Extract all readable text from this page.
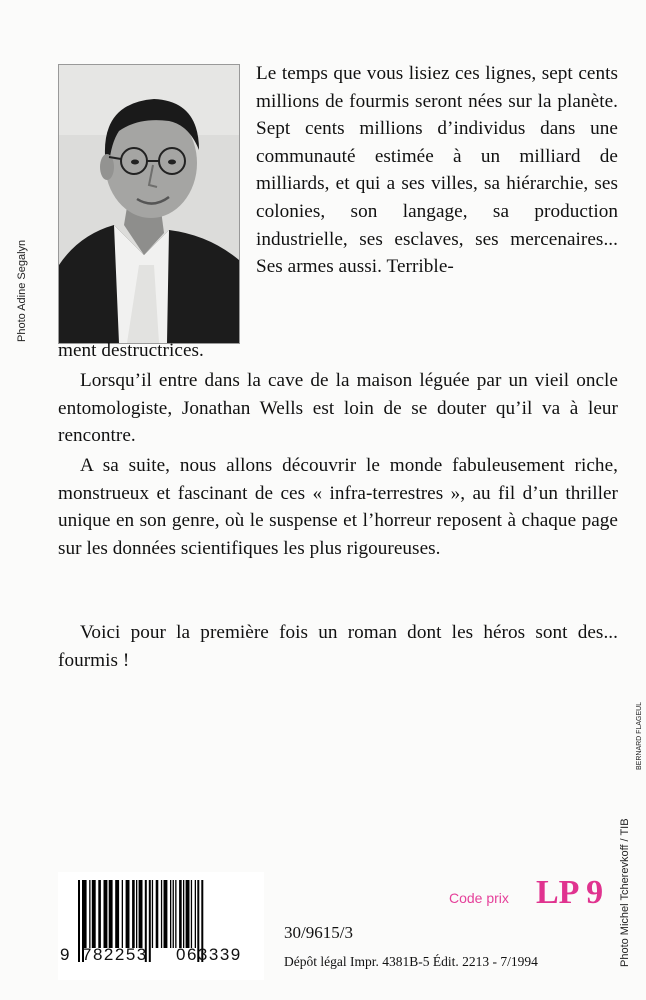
Photo Adine Segalyn

Le temps que vous lisiez ces lignes, sept cents millions de fourmis seront nées sur la planète. Sept cents millions d’individus dans une communauté estimée à un milliard de milliards, et qui a ses villes, sa hiérarchie, ses colonies, son langage, sa production industrielle, ses esclaves, ses mercenaires... Ses armes aussi. Terrible-

ment destructrices.

Lorsqu’il entre dans la cave de la maison léguée par un vieil oncle entomologiste, Jonathan Wells est loin de se douter qu’il va à leur rencontre.

A sa suite, nous allons découvrir le monde fabuleusement riche, monstrueux et fascinant de ces « infra-terrestres », au fil d’un thriller unique en son genre, où le suspense et l’horreur reposent à chaque page sur les données scientifiques les plus rigoureuses.

Voici pour la première fois un roman dont les héros sont des... fourmis !

BERNARD FLAGEUL
Photo Michel Tcherevkoff / TIB
9 782253 063339
Code prix LP 9
30/9615/3
Dépôt légal Impr. 4381B-5 Édit. 2213 - 7/1994
